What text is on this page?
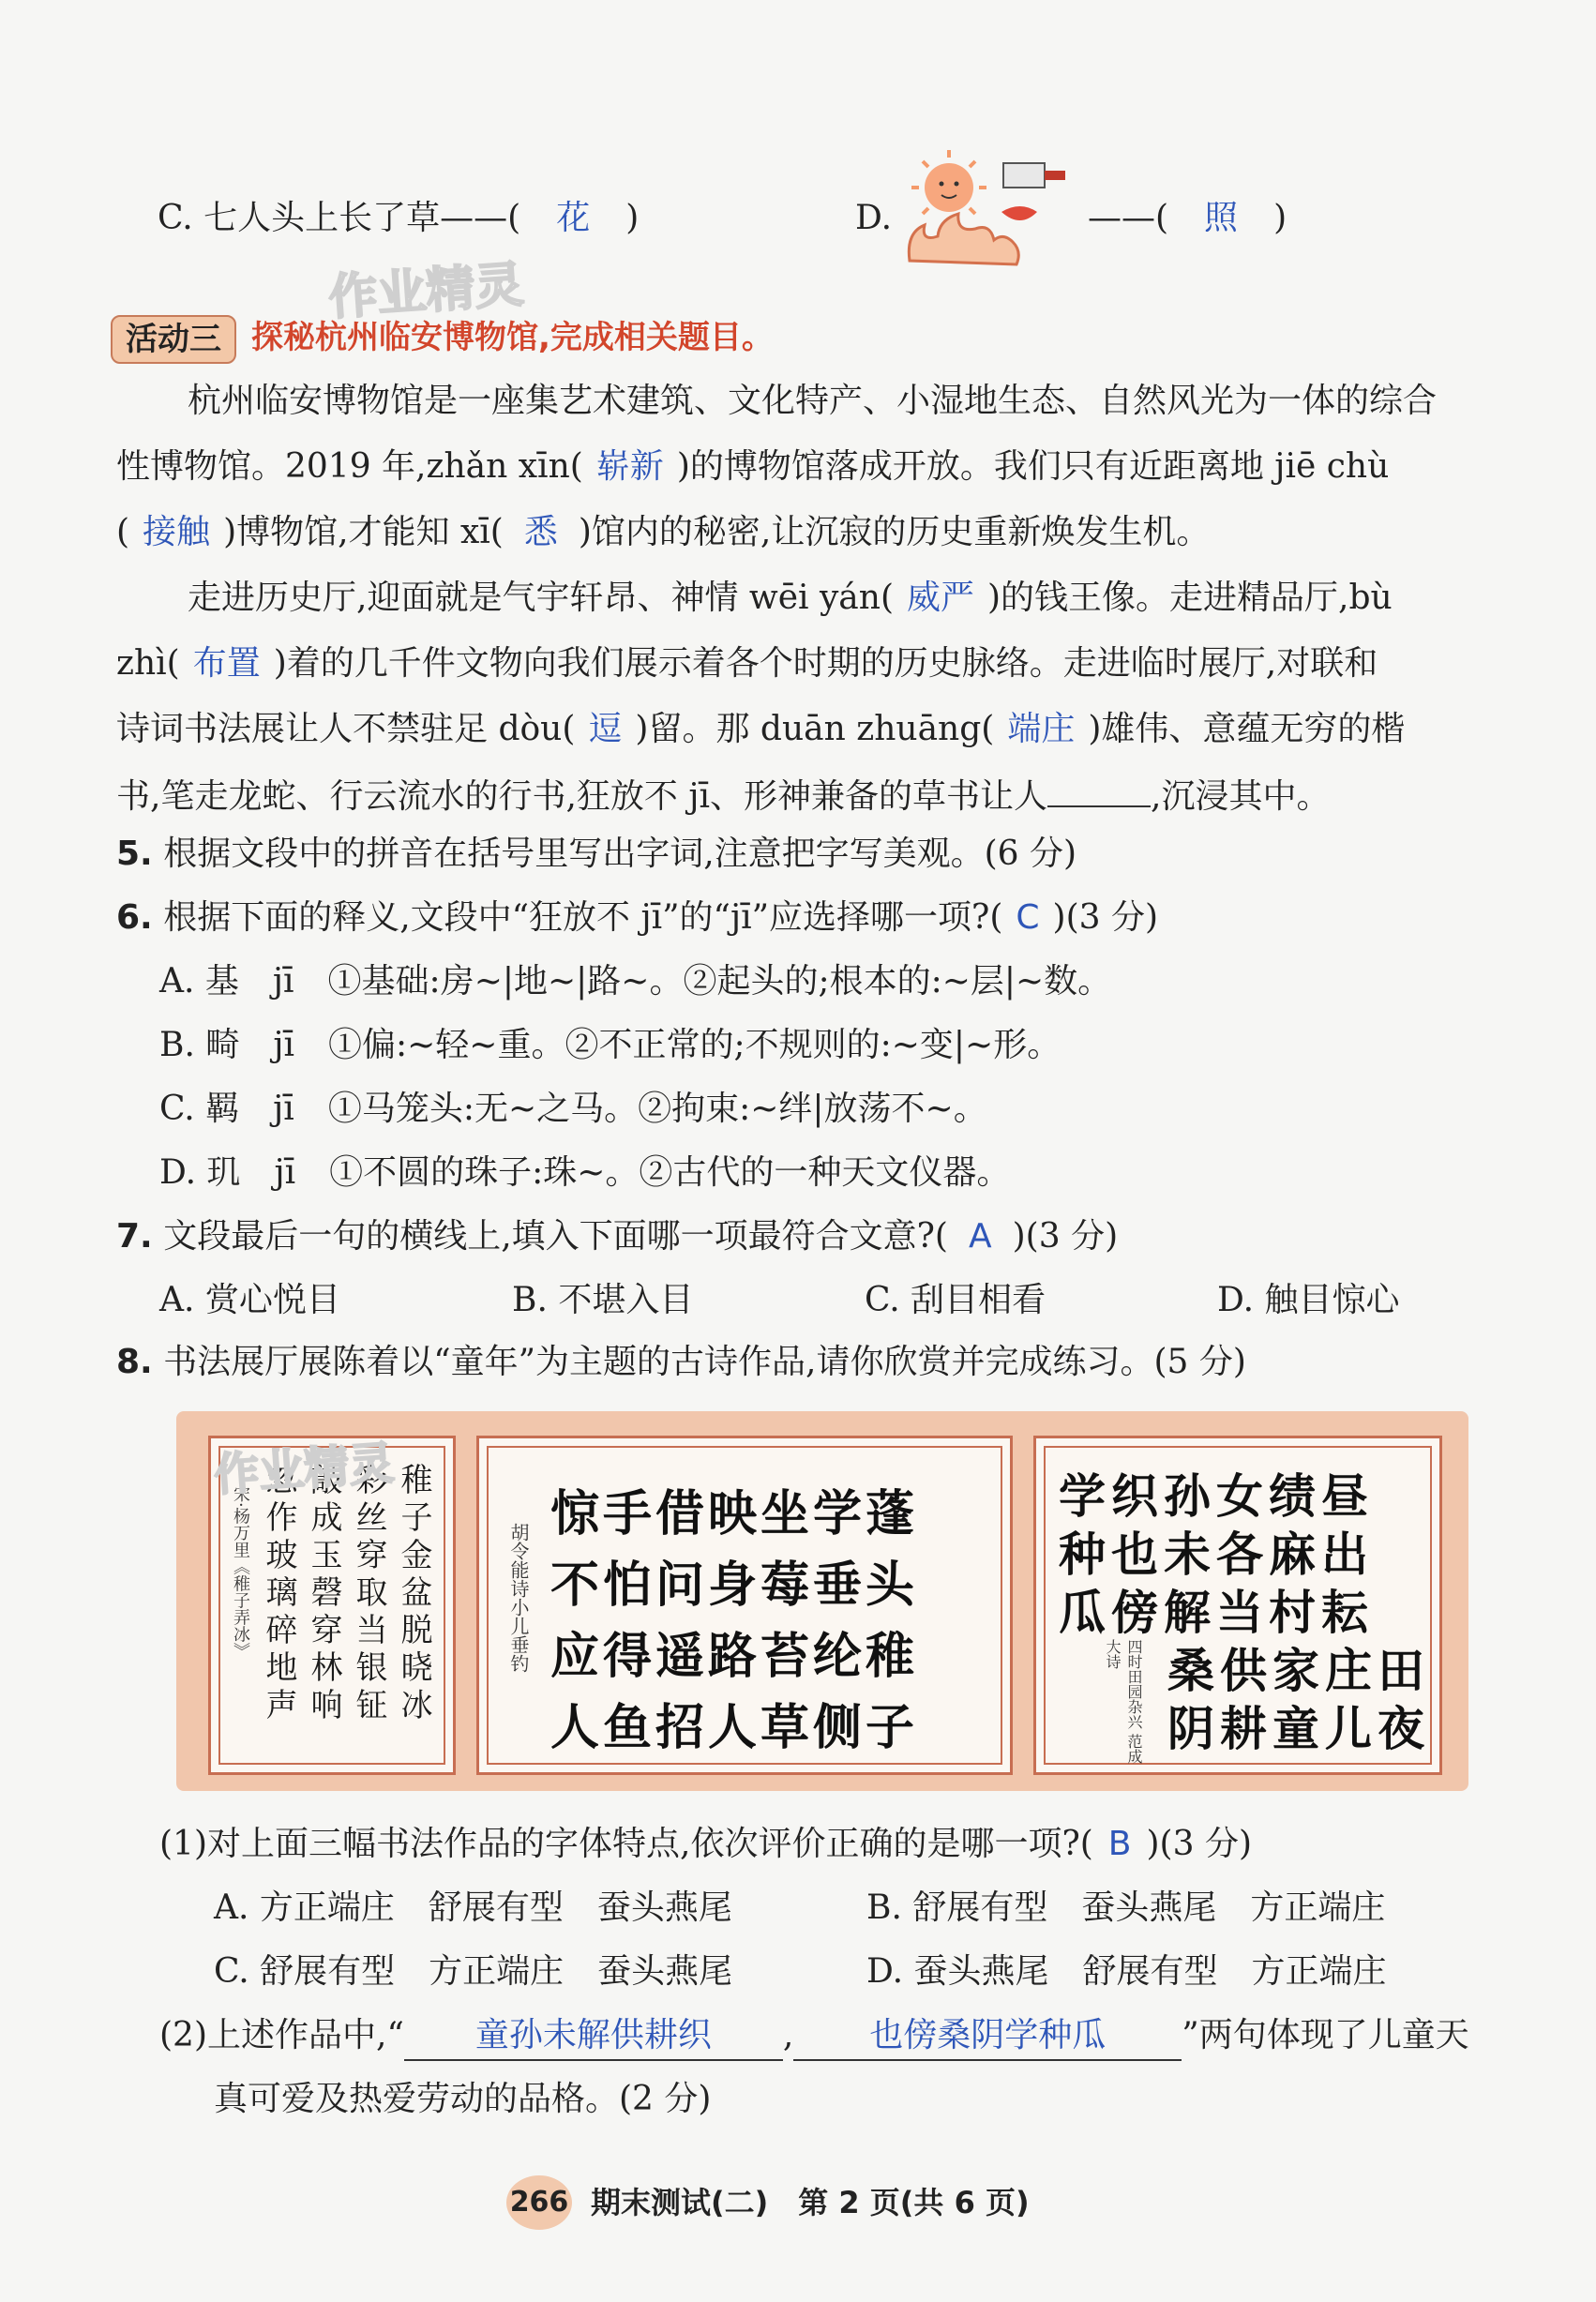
C. 七人头上长了草——( 花 )	D.	——( 照 )
作业精灵
活动三 探秘杭州临安博物馆,完成相关题目。
杭州临安博物馆是一座集艺术建筑、文化特产、小湿地生态、自然风光为一体的综合
性博物馆。2019 年,zhǎn xīn( 崭新 )的博物馆落成开放。我们只有近距离地 jiē chù
( 接触 )博物馆,才能知 xī( 悉 )馆内的秘密,让沉寂的历史重新焕发生机。
走进历史厅,迎面就是气宇轩昂、神情 wēi yán( 威严 )的钱王像。走进精品厅,bù
zhì( 布置 )着的几千件文物向我们展示着各个时期的历史脉络。走进临时展厅,对联和
诗词书法展让人不禁驻足 dòu( 逗 )留。那 duān zhuāng( 端庄 )雄伟、意蕴无穷的楷
书,笔走龙蛇、行云流水的行书,狂放不 jī、形神兼备的草书让人	,沉浸其中。
5. 根据文段中的拼音在括号里写出字词,注意把字写美观。(6 分)
6. 根据下面的释义,文段中“狂放不 jī”的“jī”应选择哪一项?( C )(3 分)
A. 基　jī　①基础:房~|地~|路~。②起头的;根本的:~层|~数。
B. 畸　jī　①偏:~轻~重。②不正常的;不规则的:~变|~形。
C. 羁　jī　①马笼头:无~之马。②拘束:~绊|放荡不~。
D. 玑　jī　①不圆的珠子:珠~。②古代的一种天文仪器。
7. 文段最后一句的横线上,填入下面哪一项最符合文意?( A )(3 分)
A. 赏心悦目	B. 不堪入目	C. 刮目相看	D. 触目惊心
8. 书法展厅展陈着以“童年”为主题的古诗作品,请你欣赏并完成练习。(5 分)
稚子金盆脱晓冰
彩丝穿取当银钲
敲成玉磬穿林响
忽作玻璃碎地声
宋·杨万里《稚子弄冰》	胡令能诗小儿垂钓
惊手借映坐学蓬
不怕问身莓垂头
应得遥路苔纶稚
人鱼招人草侧子
学织孙女绩昼
种也未各麻出
瓜傍解当村耘
桑供家庄田
阴耕童儿夜
四时田园杂兴 范成大诗
作业精灵
(1)对上面三幅书法作品的字体特点,依次评价正确的是哪一项?( B )(3 分)
A. 方正端庄　舒展有型　蚕头燕尾	B. 舒展有型　蚕头燕尾　方正端庄
C. 舒展有型　方正端庄　蚕头燕尾	D. 蚕头燕尾　舒展有型　方正端庄
(2)上述作品中,“ 童孙未解供耕织 , 也傍桑阴学种瓜 ”两句体现了儿童天
真可爱及热爱劳动的品格。(2 分)
266 期末测试(二)　第 2 页(共 6 页)
